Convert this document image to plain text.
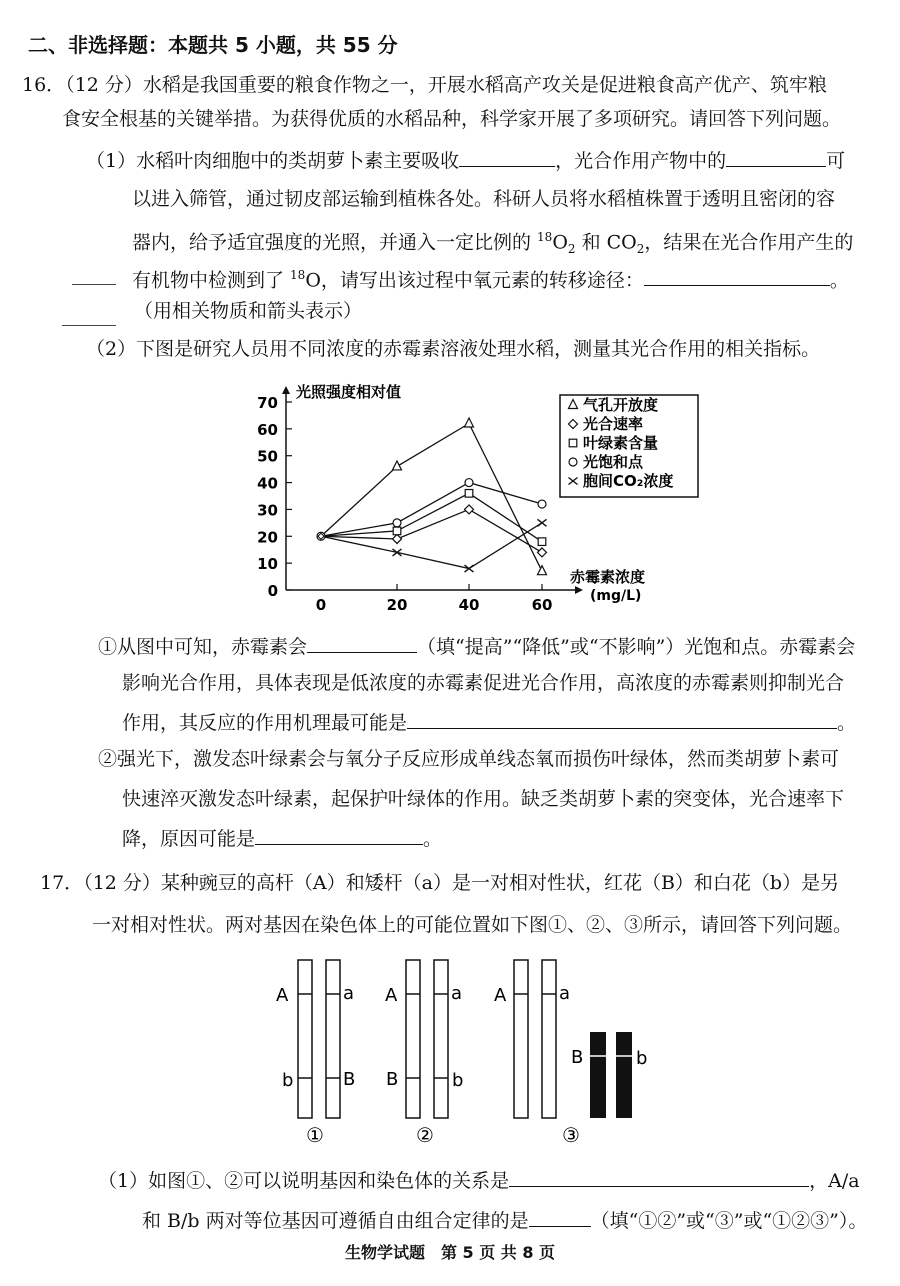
二、非选择题：本题共 5 小题，共 55 分
16．（12 分）水稻是我国重要的粮食作物之一，开展水稻高产攻关是促进粮食高产优产、筑牢粮
食安全根基的关键举措。为获得优质的水稻品种，科学家开展了多项研究。请回答下列问题。
（1）水稻叶肉细胞中的类胡萝卜素主要吸收	，光合作用产物中的	可
以进入筛管，通过韧皮部运输到植株各处。科研人员将水稻植株置于透明且密闭的容
器内，给予适宜强度的光照，并通入一定比例的 $^{18}O_2$ 和 $CO_2$，结果在光合作用产生的
有机物中检测到了 $^{18}$O，请写出该过程中氧元素的转移途径：	。
（用相关物质和箭头表示）
（2）下图是研究人员用不同浓度的赤霉素溶液处理水稻，测量其光合作用的相关指标。
光照强度相对值
赤霉素浓度
(mg/L)
0
10
20
30
40
50
60
70
0	20	40	60
气孔开放度
光合速率
叶绿素含量
光饱和点
胞间CO₂浓度
①从图中可知，赤霉素会	（填“提高”“降低”或“不影响”）光饱和点。赤霉素会
影响光合作用，具体表现是低浓度的赤霉素促进光合作用，高浓度的赤霉素则抑制光合
作用，其反应的作用机理最可能是	。
②强光下，激发态叶绿素会与氧分子反应形成单线态氧而损伤叶绿体，然而类胡萝卜素可
快速淬灭激发态叶绿素，起保护叶绿体的作用。缺乏类胡萝卜素的突变体，光合速率下
降，原因可能是	。
17．（12 分）某种豌豆的高杆（A）和矮杆（a）是一对相对性状，红花（B）和白花（b）是另
一对相对性状。两对基因在染色体上的可能位置如下图①、②、③所示，请回答下列问题。
A	a
b	B
①
A	a
B	b
②
A	a
B	b
③
（1）如图①、②可以说明基因和染色体的关系是	，A/a
和 B/b 两对等位基因可遵循自由组合定律的是	（填“①②”或“③”或“①②③”）。
生物学试题　第 5 页 共 8 页
